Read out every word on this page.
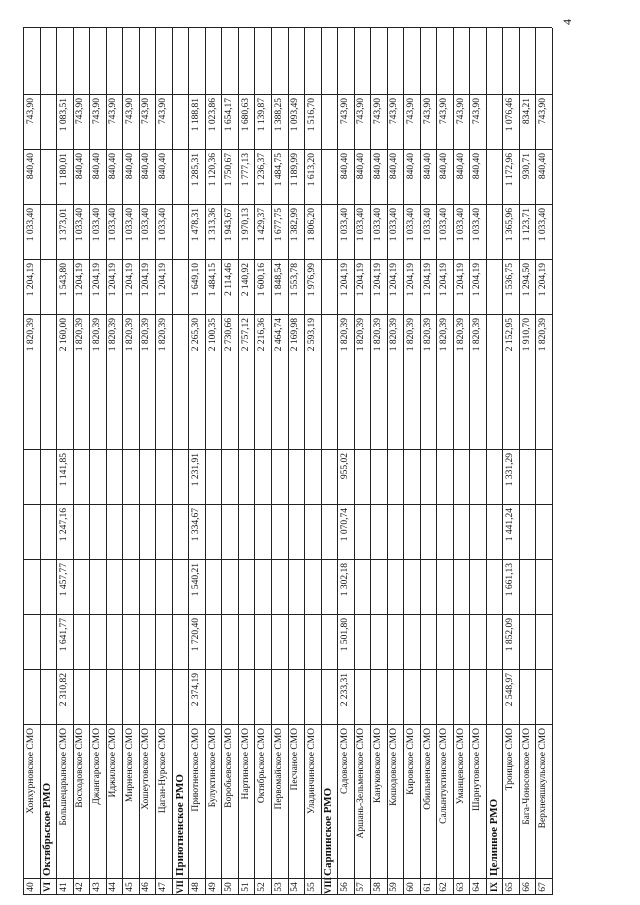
40
Хонхурновское СМО
1 820,39
1 204,19
1 033,40
840,40
743,90
VI
Октябрьское РМО
41
Большецарынское СМО
2 310,82
1 641,77
1 457,77
1 247,16
1 141,85
2 160,00
1 543,80
1 373,01
1 180,01
1 083,51
42
Восходовское СМО
1 820,39
1 204,19
1 033,40
840,40
743,90
43
Джангарское СМО
1 820,39
1 204,19
1 033,40
840,40
743,90
44
Иджилское СМО
1 820,39
1 204,19
1 033,40
840,40
743,90
45
Мирненское СМО
1 820,39
1 204,19
1 033,40
840,40
743,90
46
Хошеутовское СМО
1 820,39
1 204,19
1 033,40
840,40
743,90
47
Цаган-Нурское СМО
1 820,39
1 204,19
1 033,40
840,40
743,90
VII
Приютненское РМО
48
Приютненское СМО
2 374,19
1 720,40
1 540,21
1 334,67
1 231,91
2 265,30
1 649,10
1 478,31
1 285,31
1 188,81
49
Булуктинское СМО
2 100,35
1 484,15
1 313,36
1 120,36
1 023,86
50
Воробьевское СМО
2 730,66
2 114,46
1 943,67
1 750,67
1 654,17
51
Нартинское СМО
2 757,12
2 140,92
1 970,13
1 777,13
1 680,63
52
Октябрьское СМО
2 216,36
1 600,16
1 429,37
1 236,37
1 139,87
53
Первомайское СМО
2 464,74
1 848,54
1 677,75
1 484,75
1 388,25
54
Песчаное СМО
2 169,98
1 553,78
1 382,99
1 189,99
1 093,49
55
Уладинчинское СМО
2 593,19
1 976,99
1 806,20
1 613,20
1 516,70
VIII
Сарпинское РМО
56
Садовское СМО
2 233,31
1 501,80
1 302,18
1 070,74
955,02
1 820,39
1 204,19
1 033,40
840,40
743,90
57
Аршань-Зельменское СМО
1 820,39
1 204,19
1 033,40
840,40
743,90
58
Кануковское СМО
1 820,39
1 204,19
1 033,40
840,40
743,90
59
Кошодовское СМО
1 820,39
1 204,19
1 033,40
840,40
743,90
60
Кировское СМО
1 820,39
1 204,19
1 033,40
840,40
743,90
61
Обильненское СМО
1 820,39
1 204,19
1 033,40
840,40
743,90
62
Салынтуктинское СМО
1 820,39
1 204,19
1 033,40
840,40
743,90
63
Уманцевское СМО
1 820,39
1 204,19
1 033,40
840,40
743,90
64
Шарнутовское СМО
1 820,39
1 204,19
1 033,40
840,40
743,90
IX
Целинное РМО
65
Троицкое СМО
2 548,97
1 852,09
1 661,13
1 441,24
1 331,29
2 152,95
1 536,75
1 365,96
1 172,96
1 076,46
66
Бага-Чоносовское СМО
1 910,70
1 294,50
1 123,71
930,71
834,21
67
Верхнеяшкульское СМО
1 820,39
1 204,19
1 033,40
840,40
743,90
4
